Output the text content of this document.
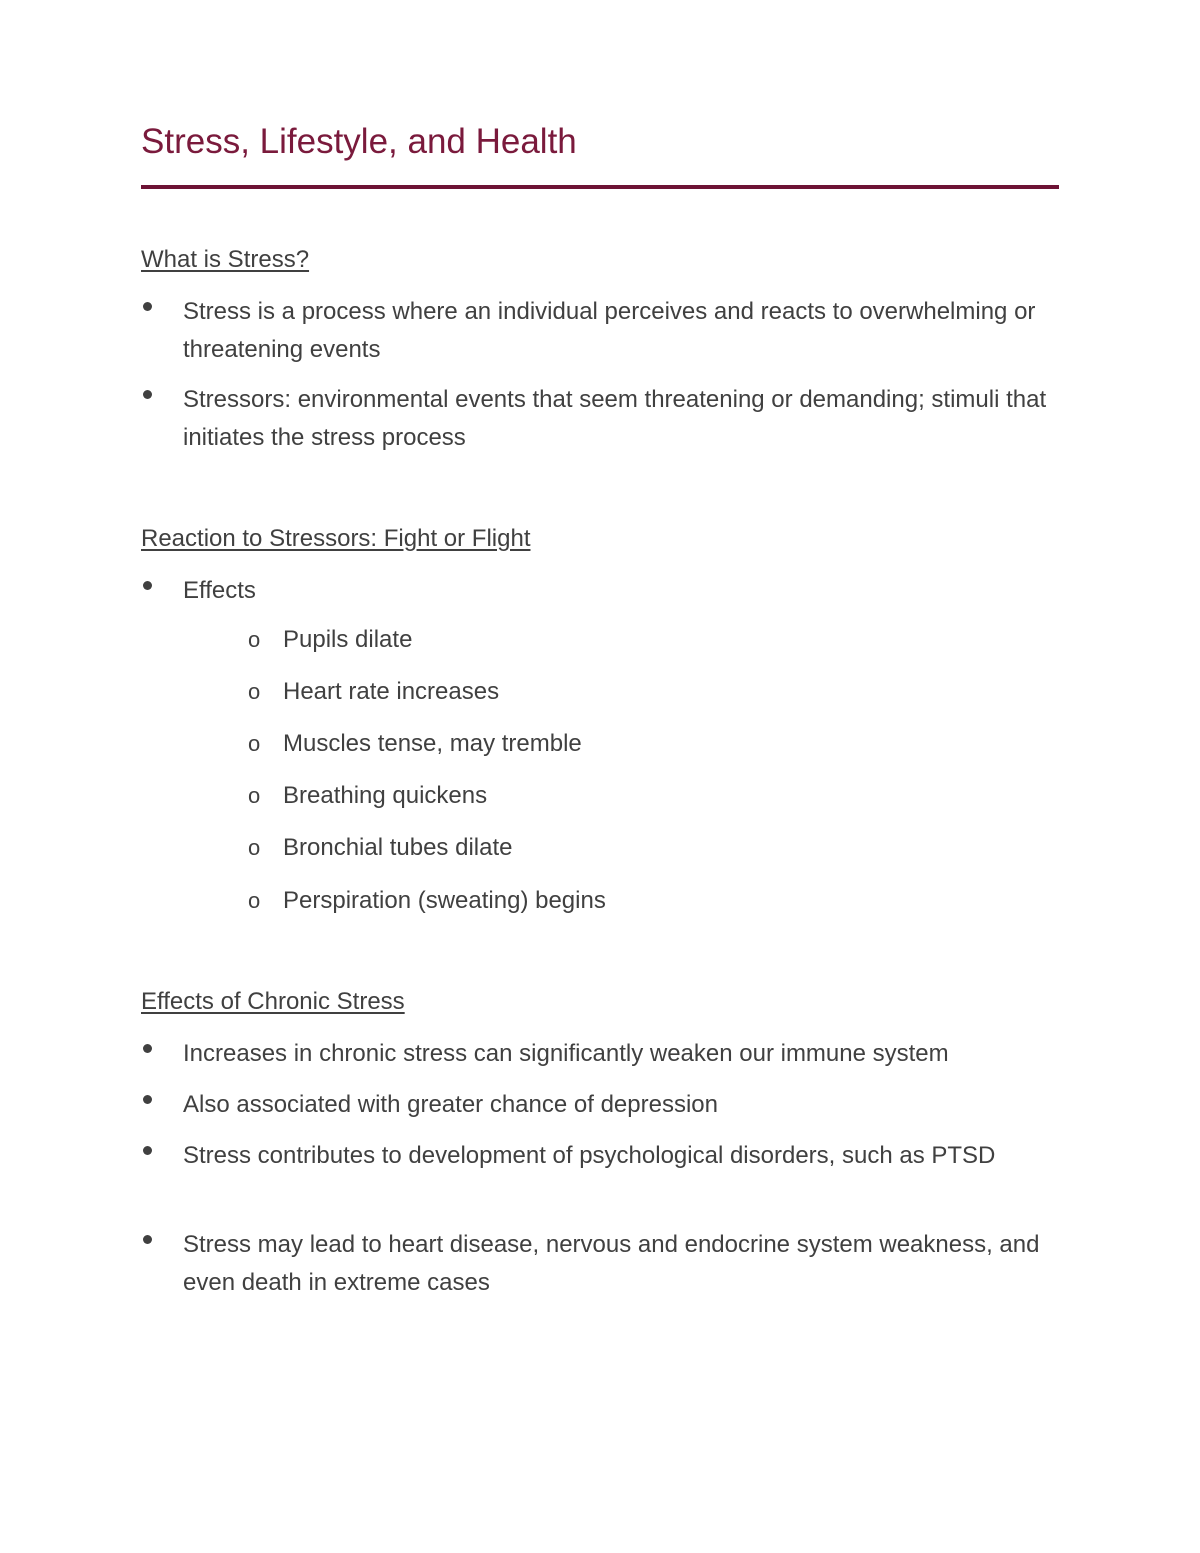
Stress, Lifestyle, and Health
What is Stress?
Stress is a process where an individual perceives and reacts to overwhelming or threatening events
Stressors: environmental events that seem threatening or demanding; stimuli that initiates the stress process
Reaction to Stressors: Fight or Flight
Effects
o Pupils dilate
o Heart rate increases
o Muscles tense, may tremble
o Breathing quickens
o Bronchial tubes dilate
o Perspiration (sweating) begins
Effects of Chronic Stress
Increases in chronic stress can significantly weaken our immune system
Also associated with greater chance of depression
Stress contributes to development of psychological disorders, such as PTSD
Stress may lead to heart disease, nervous and endocrine system weakness, and even death in extreme cases
